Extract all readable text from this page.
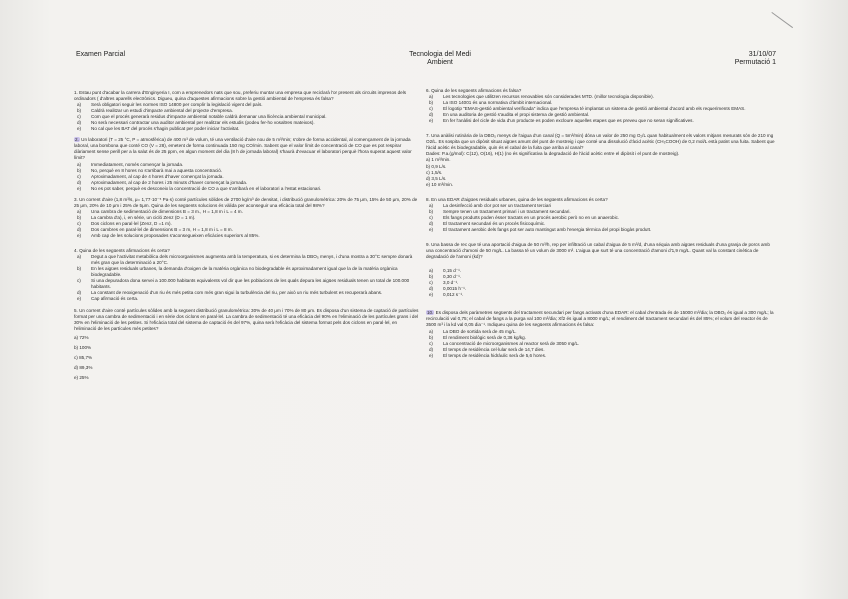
Examen Parcial	Tecnologia del Medi
Ambient
31/10/07
Permutació 1

1. Estau punt d'acabar la carrera d'Enginyeria I, com a emprenedors nats que sou, preferiu muntar una empresa que reciclarà l'or present als circuits impresos dels ordinadors ( d'altres aparells electrònics. Digueu, quina d'aquestes afirmacions sobre la gestió ambiental de l'empresa és falsa?

a)	Serà obligatori seguir les normes ISO 14800 per complir la legislació vigent del país.
b)	Caldrà realitzar un estudi d'impacte ambiental del projecte d'empresa.
c)	Com que el procés generarà residus d'impacte ambiental notable caldrà demanar una llicència ambiental municipal.
d)	No serà necessari contractar una auditor ambiental per realitzar els estudis (podeu fer-ho vosaltres mateixos).
e)	No cal que les BAT del procés s'hagin publicat per poder iniciar l'activitat.

2. Un laboratori (T = 25 °C, P = atmosfèrica) de 400 m³ de volum, té una ventilació d'aire nou de 5 m³/min; s'obre de forma accidental, al començament de la jornada laboral, una bombona que conté CO (V = 28), emetent de forma continuada 150 mg CO/min. Sabent que el valor límit de concentració de CO que es pot respirar diàriament sense perill per a la salut és de 25 ppm, en algun moment del dia (8 h de jornada laboral) s'haurà d'evacuar el laboratori perquè l'hora superat aquest valor límit?

a)	Immediatament, només començar la jornada.
b)	No, perquè en 8 hores no s'arribarà mai a aquesta concentració.
c)	Aproximadament, al cap de 4 hores d'haver començat la jornada.
d)	Aproximadament, al cap de 2 hores i 25 minuts d'haver començat la jornada.
e)	No es pot saber, perquè es desconeix la concentració de CO a que s'arribarà en el laboratori a l'estat estacionari.

3. Un corrent d'aire (1,8 m³/s, μ= 1,77·10⁻⁵ Pa·s) conté partícules sòlides de 2700 kg/m³ de densitat, i distribució granulomètrica: 20% de 75 μm, 15% de 50 μm, 20% de 25 μm, 20% de 10 μm i 25% de 5μm. Quina de les següents solucions és vàlida per aconseguir una eficàcia total del 98%?

a)	Una cambra de sedimentació de dimensions B = 3 m., H = 1,8 m i L = 4 m.
b)	La cambra d'a), i, en sèrie, un cicló Zenz (D = 1 m).
c)	Dos ciclons en paral·lel (Zenz, D =1 m).
d)	Dos cambres en paral·lel de dimensions B = 3 m, H = 1,8 m i L = 8 m.
e)	Amb cap de les solucions proposades s'aconsegueixen eficàcies superiors al 85%.

4. Quina de les següents afirmacions és certa?

a)	Degut a que l'activitat metabòlica dels microorganismes augmenta amb la temperatura, si es determina la DBO₅ menys, i d'una mostra a 30°C sempre donarà més gran que la determinació a 20°C.
b)	En les aigües residuals urbanes, la demanda d'oxigen de la matèria orgànica no biodegradable és aproximadament igual que la de la matèria orgànica biodegradable.
c)	Si una depuradora dona servei a 100.000 habitants equivalents vol dir que les poblacions de les quals depura les aigües residuals tenen un total de 100.000 habitants.
d)	La constant de reoxigenació d'un riu és més petita com més gran sigui la turbulència del riu, per això un riu més turbulent es recuperarà abans.
e)	Cap afirmació és certa.

5. Un corrent d'aire conté partícules sòlides amb la següent distribució granulomètrica: 30% de 40 μm i 70% de 80 μm. Es disposa d'un sistema de captació de partícules format per una cambra de sedimentació i en sèrie dos ciclons en paral·lel. La cambra de sedimentació té una eficàcia del 90% en l'eliminació de les partícules grans i del 30% en l'eliminació de les petites. Si l'eficàcia total del sistema de captació és del 97%, quina serà l'eficàcia del sistema format pels dos ciclons en paral·lel, en l'eliminació de les partícules més petites?

a) 72%

b) 100%

c) 85,7%

d) 89,3%

e) 25%

6. Quina de les següents afirmacions és falsa?

a)	Les tecnologies que utilitzen recursos renovables són considerades MTD. (millor tecnologia disponible).
b)	La ISO 14001 és una normativa d'àmbit internacional.
c)	El logotip "EMAS-gestió ambiental verificada" indica que l'empresa té implantat un sistema de gestió ambiental d'acord amb els requeriments EMAS.
d)	En una auditoria de gestió s'audita el propi sistema de gestió ambiental.
e)	En fer l'anàlisi del cicle de vida d'un producte es poden excloure aquelles etapes que es preveu que no seran significatives.

7. Una anàlisi rutinària de la DBO₅ menys de l'aigua d'un canal (Q = 5m³/min) dóna un valor de 250 mg O₂/L quan habitualment els valors mitjans mesurats són de 210 mg O2/L. Es sospita que un dipòsit situat aigües amunt del punt de mostreig i que conté una dissolució d'àcid acètic (CH₃COOH) de 0,2 mol/L està patint una fuita. Sabent que l'àcid acètic és biodegradable, quin és el cabal de la fuita que arriba al canal?

Dades: P.a.(g/mol): C(12), O(16), H(1) (no és significativa la degradació de l'àcid acètic entre el dipòsit i el punt de mostreig).

a) 1 m³/min.

b) 0,9 L/s.

c) 1,5/s.

d) 3,5 L/s.

e) 10 m³/min.

8. En una EDAR d'aigües residuals urbanes, quina de les següents afirmacions és certa?

a)	La desinfecció amb clor pot ser un tractament terciari
b)	Sempre tenen un tractament primari i un tractament secundari.
c)	Els fangs produïts poden ésser tractats en un procés aerobic però no en un anaerobic.
d)	El tractament secundari és un procés fisicoquímic.
e)	El tractament aerobic dels fangs pot ser auto mantingut amb l'energia tèrmica del propi biogàs produït.

9. Una bassa de rec que té una aportació d'aigua de 50 m³/h, rep per infiltració un cabal d'aigua de 5 m³/d, d'una séquia amb aigües residuals d'una granja de porcs amb una concentració d'amoni de 50 mg/L. La bassa té un volum de 3000 m³. L'aigua que surt té una concentració d'amoni d'1,9 mg/L. Quant val la constant cinètica de degradació de l'amoni (kd)?

a)	0,15 d⁻¹.
b)	0,30 d⁻¹.
c)	3,0 d⁻¹.
d)	0,0015 h⁻¹.
e)	0,012 s⁻¹.

10. Es disposa dels paràmetres següents del tractament secundari per fangs activats d'una EDAR: el cabal d'entrada és de 15000 m³/dia; la DBO₅ és igual a 300 mg/L; la recirculació val 0,75; el cabal de fangs a la purga val 100 m³/dia; Xf2 és igual a 8000 mg/L; el rendiment del tractament secundari és del 85%; el volum del reactor és de 3500 m³ i la kd val 0,05 dia⁻¹. Indiqueu quina de les següents afirmacions és falsa:

a)	La DBO de sortida serà de 45 mg/L.
b)	El rendiment biològic serà de 0,36 kg/kg.
c)	La concentració de microorganismes al reactor serà de 3050 mg/L.
d)	El temps de residència cel·lular serà de 14,7 dies.
e)	El temps de residència hidràulic serà de 5,6 hores.
